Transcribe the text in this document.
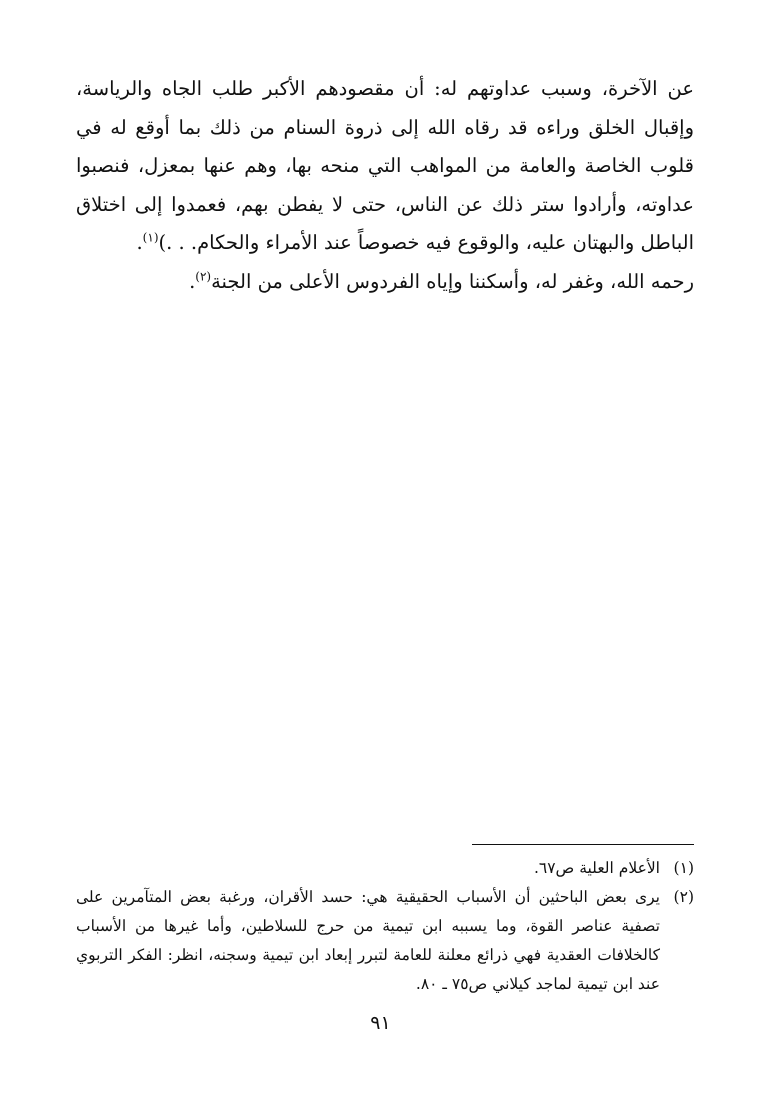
عن الآخرة، وسبب عداوتهم له: أن مقصودهم الأكبر طلب الجاه والرياسة، وإقبال الخلق وراءه قد رقاه الله إلى ذروة السنام من ذلك بما أوقع له في قلوب الخاصة والعامة من المواهب التي منحه بها، وهم عنها بمعزل، فنصبوا عداوته، وأرادوا ستر ذلك عن الناس، حتى لا يفطن بهم، فعمدوا إلى اختلاق الباطل والبهتان عليه، والوقوع فيه خصوصاً عند الأمراء والحكام. . .)$^{(١)}$.

رحمه الله، وغفر له، وأسكننا وإياه الفردوس الأعلى من الجنة$^{(٢)}$.

(١)
الأعلام العلية ص٦٧.
(٢)
يرى بعض الباحثين أن الأسباب الحقيقية هي: حسد الأقران، ورغبة بعض المتآمرين على تصفية عناصر القوة، وما يسببه ابن تيمية من حرج للسلاطين، وأما غيرها من الأسباب كالخلافات العقدية فهي ذرائع معلنة للعامة لتبرر إبعاد ابن تيمية وسجنه، انظر: الفكر التربوي عند ابن تيمية لماجد كيلاني ص٧٥ ـ ٨٠.
٩١
